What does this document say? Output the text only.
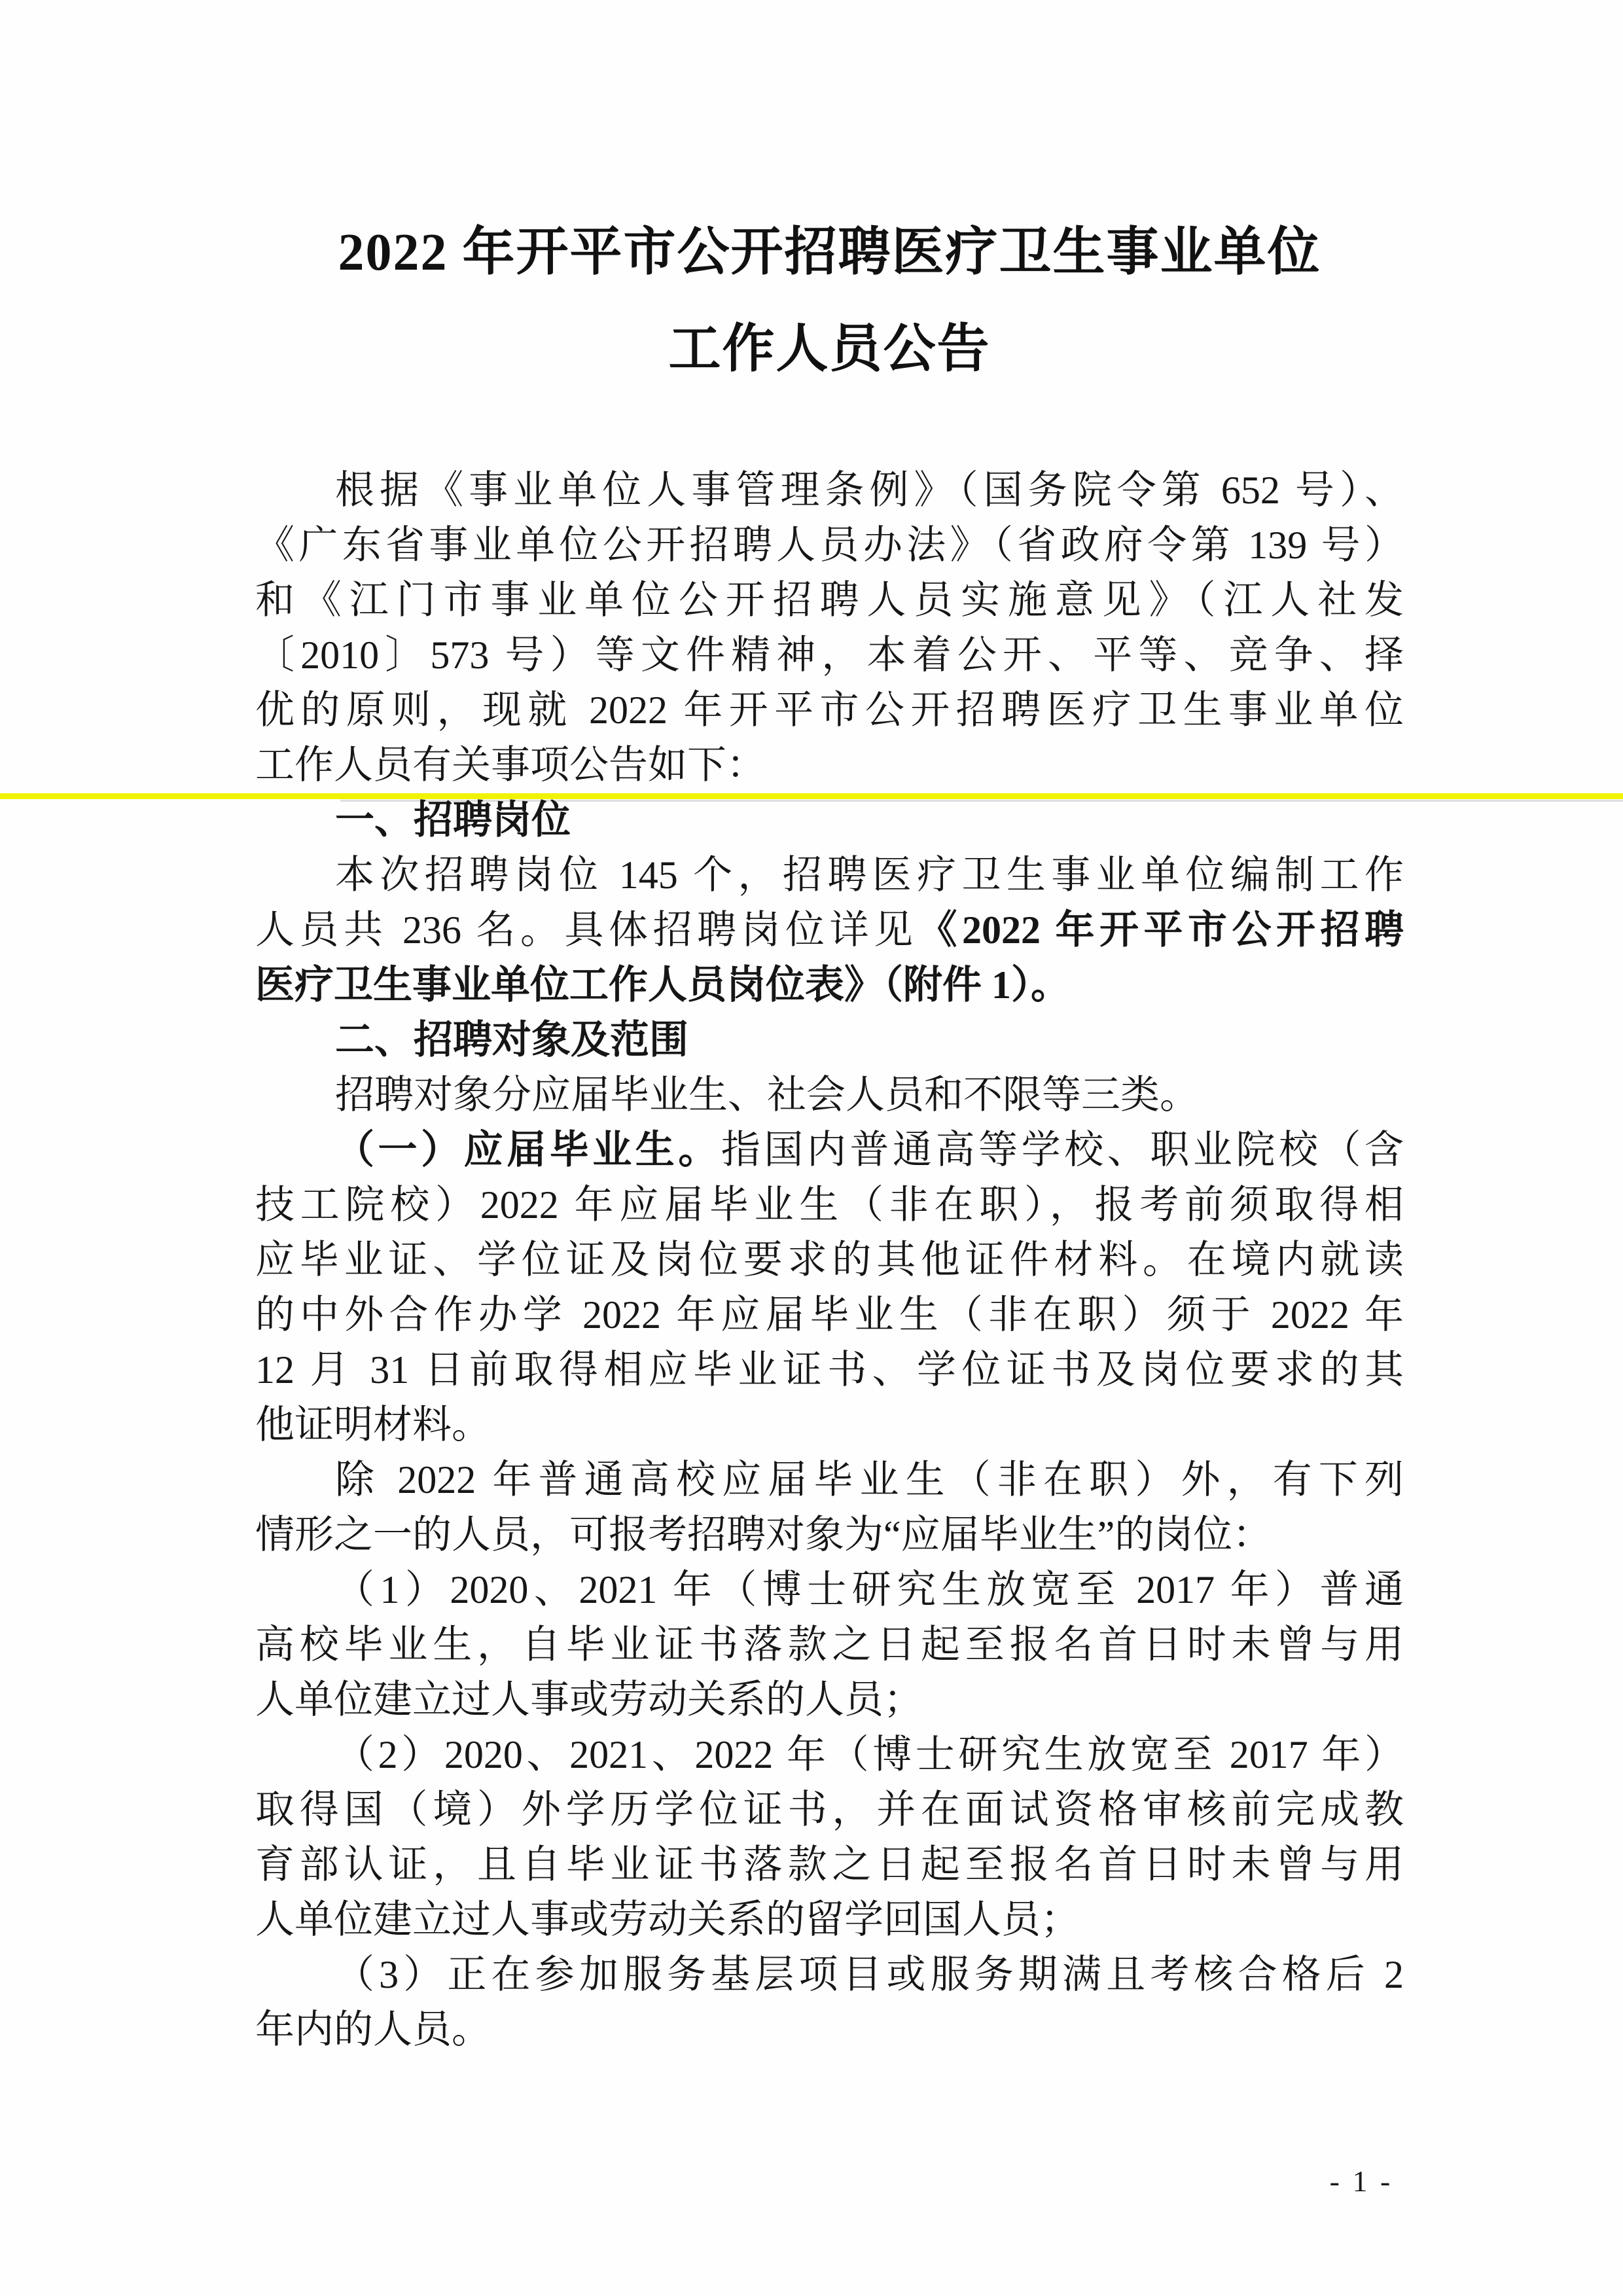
2022 年开平市公开招聘医疗卫生事业单位
工作人员公告
根据《事业单位人事管理条例》（国务院令第 652 号）、
《广东省事业单位公开招聘人员办法》（省政府令第 139 号）
和《江门市事业单位公开招聘人员实施意见》（江人社发
〔2010〕573 号）等文件精神，本着公开、平等、竞争、择
优的原则，现就 2022 年开平市公开招聘医疗卫生事业单位
工作人员有关事项公告如下：
一、招聘岗位
本次招聘岗位 145 个，招聘医疗卫生事业单位编制工作
人员共 236 名。具体招聘岗位详见《2022 年开平市公开招聘
医疗卫生事业单位工作人员岗位表》（附件 1）。
二、招聘对象及范围
招聘对象分应届毕业生、社会人员和不限等三类。
（一）应届毕业生。指国内普通高等学校、职业院校（含
技工院校）2022 年应届毕业生（非在职），报考前须取得相
应毕业证、学位证及岗位要求的其他证件材料。在境内就读
的中外合作办学 2022 年应届毕业生（非在职）须于 2022 年
12 月 31 日前取得相应毕业证书、学位证书及岗位要求的其
他证明材料。
除 2022 年普通高校应届毕业生（非在职）外，有下列
情形之一的人员，可报考招聘对象为“应届毕业生”的岗位：
（1）2020、2021 年（博士研究生放宽至 2017 年）普通
高校毕业生，自毕业证书落款之日起至报名首日时未曾与用
人单位建立过人事或劳动关系的人员；
（2）2020、2021、2022 年（博士研究生放宽至 2017 年）
取得国（境）外学历学位证书，并在面试资格审核前完成教
育部认证，且自毕业证书落款之日起至报名首日时未曾与用
人单位建立过人事或劳动关系的留学回国人员；
（3）正在参加服务基层项目或服务期满且考核合格后 2
年内的人员。
- 1 -
